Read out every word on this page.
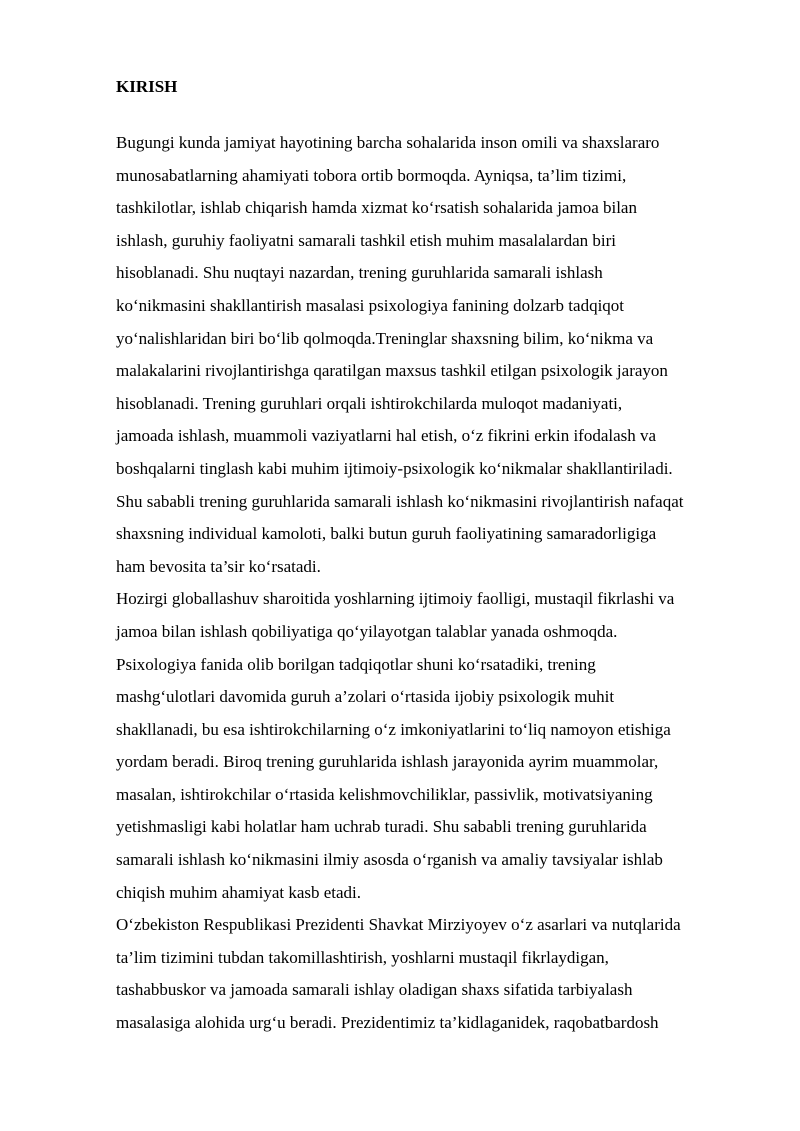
KIRISH
Bugungi kunda jamiyat hayotining barcha sohalarida inson omili va shaxslararo
munosabatlarning ahamiyati tobora ortib bormoqda. Ayniqsa, ta’lim tizimi,
tashkilotlar, ishlab chiqarish hamda xizmat ko‘rsatish sohalarida jamoa bilan
ishlash, guruhiy faoliyatni samarali tashkil etish muhim masalalardan biri
hisoblanadi. Shu nuqtayi nazardan, trening guruhlarida samarali ishlash
ko‘nikmasini shakllantirish masalasi psixologiya fanining dolzarb tadqiqot
yo‘nalishlaridan biri bo‘lib qolmoqda.Treninglar shaxsning bilim, ko‘nikma va
malakalarini rivojlantirishga qaratilgan maxsus tashkil etilgan psixologik jarayon
hisoblanadi. Trening guruhlari orqali ishtirokchilarda muloqot madaniyati,
jamoada ishlash, muammoli vaziyatlarni hal etish, o‘z fikrini erkin ifodalash va
boshqalarni tinglash kabi muhim ijtimoiy-psixologik ko‘nikmalar shakllantiriladi.
Shu sababli trening guruhlarida samarali ishlash ko‘nikmasini rivojlantirish nafaqat
shaxsning individual kamoloti, balki butun guruh faoliyatining samaradorligiga
ham bevosita ta’sir ko‘rsatadi.
Hozirgi globallashuv sharoitida yoshlarning ijtimoiy faolligi, mustaqil fikrlashi va
jamoa bilan ishlash qobiliyatiga qo‘yilayotgan talablar yanada oshmoqda.
Psixologiya fanida olib borilgan tadqiqotlar shuni ko‘rsatadiki, trening
mashg‘ulotlari davomida guruh a’zolari o‘rtasida ijobiy psixologik muhit
shakllanadi, bu esa ishtirokchilarning o‘z imkoniyatlarini to‘liq namoyon etishiga
yordam beradi. Biroq trening guruhlarida ishlash jarayonida ayrim muammolar,
masalan, ishtirokchilar o‘rtasida kelishmovchiliklar, passivlik, motivatsiyaning
yetishmasligi kabi holatlar ham uchrab turadi. Shu sababli trening guruhlarida
samarali ishlash ko‘nikmasini ilmiy asosda o‘rganish va amaliy tavsiyalar ishlab
chiqish muhim ahamiyat kasb etadi.
O‘zbekiston Respublikasi Prezidenti Shavkat Mirziyoyev o‘z asarlari va nutqlarida
ta’lim tizimini tubdan takomillashtirish, yoshlarni mustaqil fikrlaydigan,
tashabbuskor va jamoada samarali ishlay oladigan shaxs sifatida tarbiyalash
masalasiga alohida urg‘u beradi. Prezidentimiz ta’kidlaganidek, raqobatbardosh
